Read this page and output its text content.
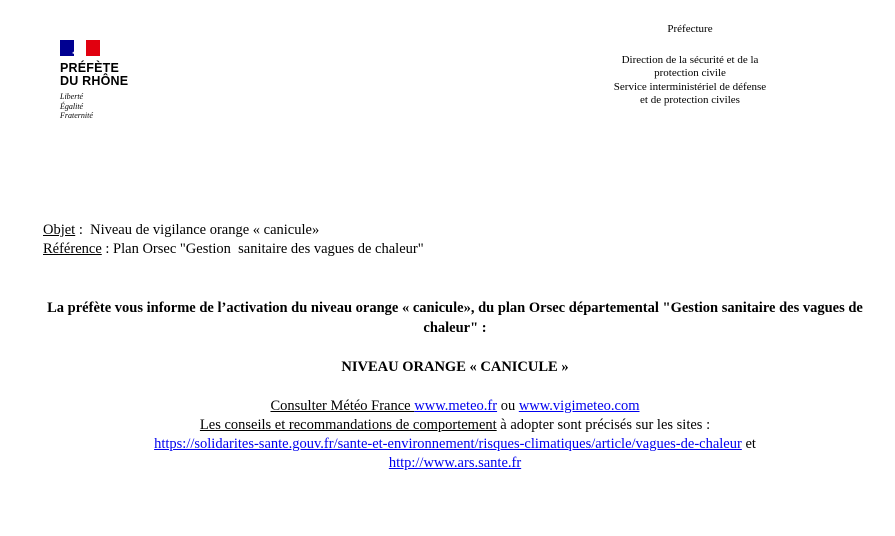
PRÉFÈTE
DU RHÔNE
Liberté
Égalité
Fraternité
Préfecture
Direction de la sécurité et de la
protection civile
Service interministériel de défense
et de protection civiles
Objet :  Niveau de vigilance orange « canicule»
Référence : Plan Orsec "Gestion  sanitaire des vagues de chaleur"
La préfète vous informe de l’activation du niveau orange « canicule», du plan Orsec départemental "Gestion sanitaire des vagues de chaleur" :
NIVEAU ORANGE « CANICULE »
Consulter Météo France www.meteo.fr ou www.vigimeteo.com
Les conseils et recommandations de comportement à adopter sont précisés sur les sites :
https://solidarites-sante.gouv.fr/sante-et-environnement/risques-climatiques/article/vagues-de-chaleur et
http://www.ars.sante.fr
